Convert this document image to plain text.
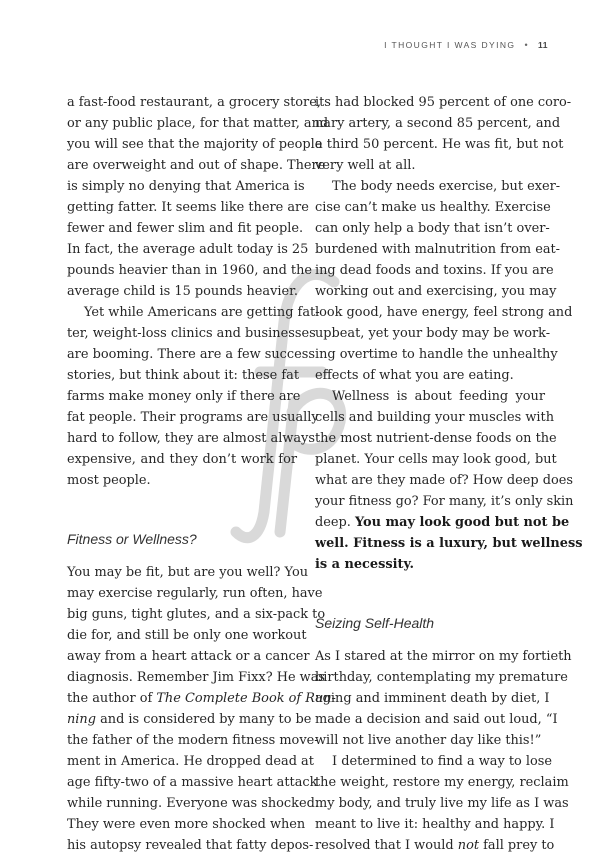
I THOUGHT I WAS DYING • 11

a fast-food restaurant, a grocery store,
or any public place, for that matter, and
you will see that the majority of people
are overweight and out of shape. There
is simply no denying that America is
getting fatter. It seems like there are
fewer and fewer slim and fit people.
In fact, the average adult today is 25
pounds heavier than in 1960, and the
average child is 15 pounds heavier.

Yet while Americans are getting fat-
ter, weight-loss clinics and businesses
are booming. There are a few success
stories, but think about it: these fat
farms make money only if there are
fat people. Their programs are usually
hard to follow, they are almost always
expensive, and they don’t work for
most people.

Fitness or Wellness?

You may be fit, but are you well? You
may exercise regularly, run often, have
big guns, tight glutes, and a six-pack to
die for, and still be only one workout
away from a heart attack or a cancer
diagnosis. Remember Jim Fixx? He was
the author of The Complete Book of Run-
ning and is considered by many to be
the father of the modern fitness move-
ment in America. He dropped dead at
age fifty-two of a massive heart attack
while running. Everyone was shocked.
They were even more shocked when
his autopsy revealed that fatty depos-

its had blocked 95 percent of one coro-
nary artery, a second 85 percent, and
a third 50 percent. He was fit, but not
very well at all.

The body needs exercise, but exer-
cise can’t make us healthy. Exercise
can only help a body that isn’t over-
burdened with malnutrition from eat-
ing dead foods and toxins. If you are
working out and exercising, you may
look good, have energy, feel strong and
upbeat, yet your body may be work-
ing overtime to handle the unhealthy
effects of what you are eating.

Wellness is about feeding your
cells and building your muscles with
the most nutrient-dense foods on the
planet. Your cells may look good, but
what are they made of? How deep does
your fitness go? For many, it’s only skin
deep. You may look good but not be
well. Fitness is a luxury, but wellness
is a necessity.

Seizing Self-Health

As I stared at the mirror on my fortieth
birthday, contemplating my premature
aging and imminent death by diet, I
made a decision and said out loud, “I
will not live another day like this!”

I determined to find a way to lose
the weight, restore my energy, reclaim
my body, and truly live my life as I was
meant to live it: healthy and happy. I
resolved that I would not fall prey to
